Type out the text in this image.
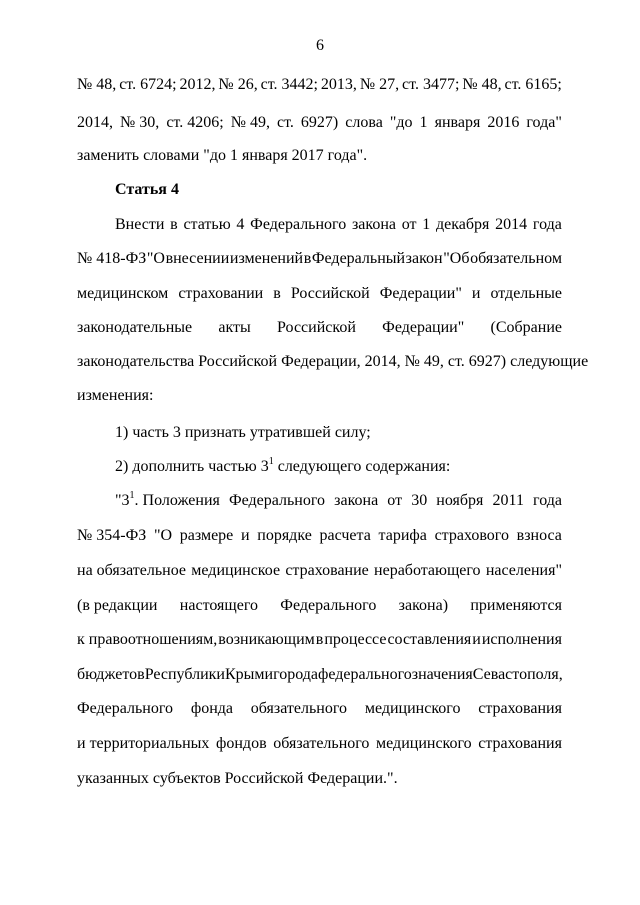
6
№ 48, ст. 6724; 2012, № 26, ст. 3442; 2013, № 27, ст. 3477; № 48, ст. 6165;
2014, № 30, ст. 4206; № 49, ст. 6927) слова "до 1 января 2016 года"
заменить словами "до 1 января 2017 года".
Статья 4
Внести в статью 4 Федерального закона от 1 декабря 2014 года
№ 418-ФЗ "О внесении изменений в Федеральный закон "Об обязательном
медицинском страховании в Российской Федерации" и отдельные
законодательные акты Российской Федерации" (Собрание
законодательства Российской Федерации, 2014, № 49, ст. 6927) следующие
изменения:
1) часть 3 признать утратившей силу;
2) дополнить частью $3^1$ следующего содержания:
"$3^1$. Положения Федерального закона от 30 ноября 2011 года
№ 354-ФЗ "О размере и порядке расчета тарифа страхового взноса
на обязательное медицинское страхование неработающего населения"
(в редакции настоящего Федерального закона) применяются
к правоотношениям, возникающим в процессе составления и исполнения
бюджетов Республики Крым и города федерального значения Севастополя,
Федерального фонда обязательного медицинского страхования
и территориальных фондов обязательного медицинского страхования
указанных субъектов Российской Федерации.".
